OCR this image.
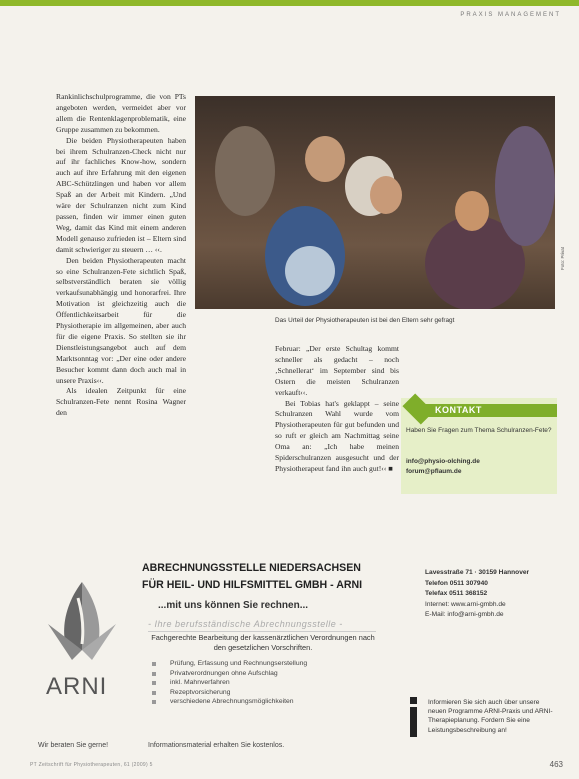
PRAXIS MANAGEMENT

Rankinlichschulprogramme, die von PTs angeboten werden, vermeidet aber vor allem die Rentenklagenproblematik, eine Gruppe zusammen zu bekommen.

Die beiden Physiotherapeuten haben bei ihrem Schulranzen-Check nicht nur auf ihr fachliches Know-how, sondern auch auf ihre Erfahrung mit den eigenen ABC-Schützlingen und haben vor allem Spaß an der Arbeit mit Kindern. „Und wäre der Schulranzen nicht zum Kind passen, finden wir immer einen guten Weg, damit das Kind mit einem anderen Modell genauso zufrieden ist – Eltern sind damit schwieriger zu steuern … ‹‹.

Den beiden Physiotherapeuten macht so eine Schulranzen-Fete sichtlich Spaß, selbstverständlich beraten sie völlig verkaufsunabhängig und honorarfrei. Ihre Motivation ist gleichzeitig auch die Öffentlichkeitsarbeit für die Physiotherapie im allgemeinen, aber auch für die eigene Praxis. So stellten sie ihr Dienstleistungsangebot auch auf dem Marktsonntag vor: „Der eine oder andere Besucher kommt dann doch auch mal in unsere Praxis‹‹.

Als idealen Zeitpunkt für eine Schulranzen-Fete nennt Rosina Wagner den

Foto: Privat
Das Urteil der Physiotherapeuten ist bei den Eltern sehr gefragt

Februar: „Der erste Schultag kommt schneller als gedacht – noch ‚Schnellerat‘ im September sind bis Ostern die meisten Schulranzen verkauft‹‹.

Bei Tobias hat's geklappt – seine Schulranzen Wahl wurde vom Physiotherapeuten für gut befunden und so ruft er gleich am Nachmittag seine Oma an: „Ich habe meinen Spiderschulranzen ausgesucht und der Physiotherapeut fand ihn auch gut!‹‹ ■

KONTAKT
Haben Sie Fragen zum Thema Schulranzen-Fete?
info@physio-olching.de
forum@pflaum.de
ARNI
ABRECHNUNGSSTELLE NIEDERSACHSEN
FÜR HEIL- UND HILFSMITTEL GMBH - ARNI
...mit uns können Sie rechnen...
- Ihre berufsständische Abrechnungsstelle -
Fachgerechte Bearbeitung der kassenärztlichen Verordnungen nach den gesetzlichen Vorschriften.
Prüfung, Erfassung und Rechnungserstellung
Privatverordnungen ohne Aufschlag
inkl. Mahnverfahren
Rezeptvorsicherung
verschiedene Abrechnungsmöglichkeiten
Wir beraten Sie gerne!	Informationsmaterial erhalten Sie kostenlos.
Lavesstraße 71 · 30159 Hannover
Telefon 0511 307940
Telefax 0511 368152
Internet: www.arni-gmbh.de
E-Mail: info@arni-gmbh.de
Informieren Sie sich auch über unsere neuen Programme ARNI-Praxis und ARNI-Therapieplanung. Fordern Sie eine Leistungsbeschreibung an!
PT Zeitschrift für Physiotherapeuten, 61 (2009) 5	463
